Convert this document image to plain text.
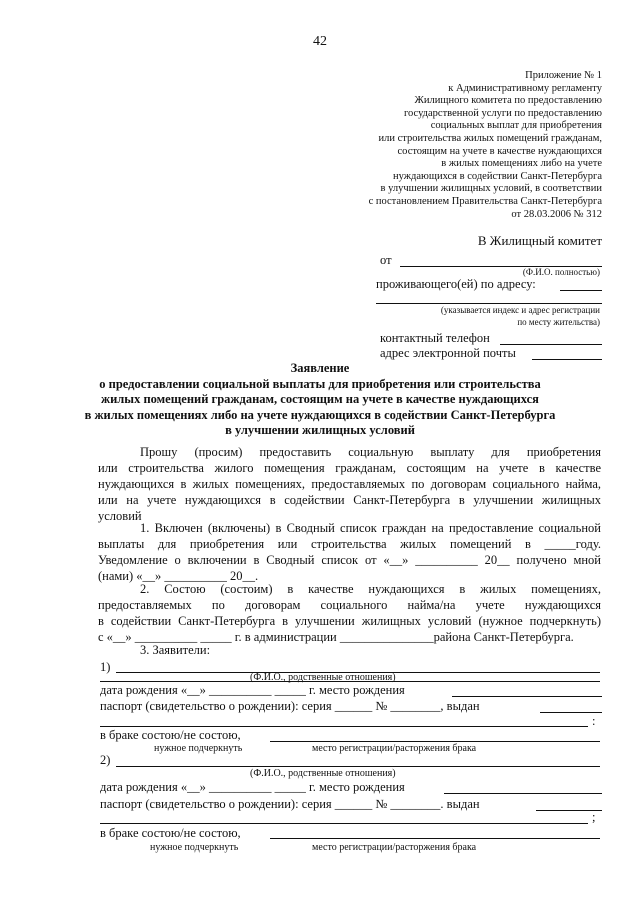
42
Приложение № 1
к Административному регламенту
Жилищного комитета по предоставлению
государственной услуги по предоставлению
социальных выплат для приобретения
или строительства жилых помещений гражданам,
состоящим на учете в качестве нуждающихся
в жилых помещениях либо на учете
нуждающихся в содействии Санкт-Петербурга
в улучшении жилищных условий, в соответствии
с постановлением Правительства Санкт-Петербурга
от 28.03.2006 № 312
В Жилищный комитет
от
(Ф.И.О. полностью)
проживающего(ей) по адресу:
(указывается индекс и адрес регистрации
по месту жительства)
контактный телефон
адрес электронной почты
Заявление
о предоставлении социальной выплаты для приобретения или строительства
жилых помещений гражданам, состоящим на учете в качестве нуждающихся
в жилых помещениях либо на учете нуждающихся в содействии Санкт-Петербурга
в улучшении жилищных условий
Прошу (просим) предоставить социальную выплату для приобретения
или строительства жилого помещения гражданам, состоящим на учете в качестве
нуждающихся в жилых помещениях, предоставляемых по договорам социального найма,
или на учете нуждающихся в содействии Санкт-Петербурга в улучшении жилищных
условий
1. Включен (включены) в Сводный список граждан на предоставление социальной
выплаты для приобретения или строительства жилых помещений в _____году.
Уведомление о включении в Сводный список от «__» __________ 20__ получено мной
(нами) «__» __________ 20__.
2. Состою (состоим) в качестве нуждающихся в жилых помещениях,
предоставляемых по договорам социального найма/на учете нуждающихся
в содействии Санкт-Петербурга в улучшении жилищных условий (нужное подчеркнуть)
с «__» __________ _____ г. в администрации _______________района Санкт-Петербурга.
3. Заявители:
1)
(Ф.И.О., родственные отношения)
дата рождения «__» __________ _____ г. место рождения
паспорт (свидетельство о рождении): серия ______ № ________, выдан
:
в браке состою/не состою,
нужное подчеркнуть	место регистрации/расторжения брака
2)
(Ф.И.О., родственные отношения)
дата рождения «__» __________ _____ г. место рождения
паспорт (свидетельство о рождении): серия ______ № ________. выдан
;
в браке состою/не состою,
нужное подчеркнуть	место регистрации/расторжения брака
